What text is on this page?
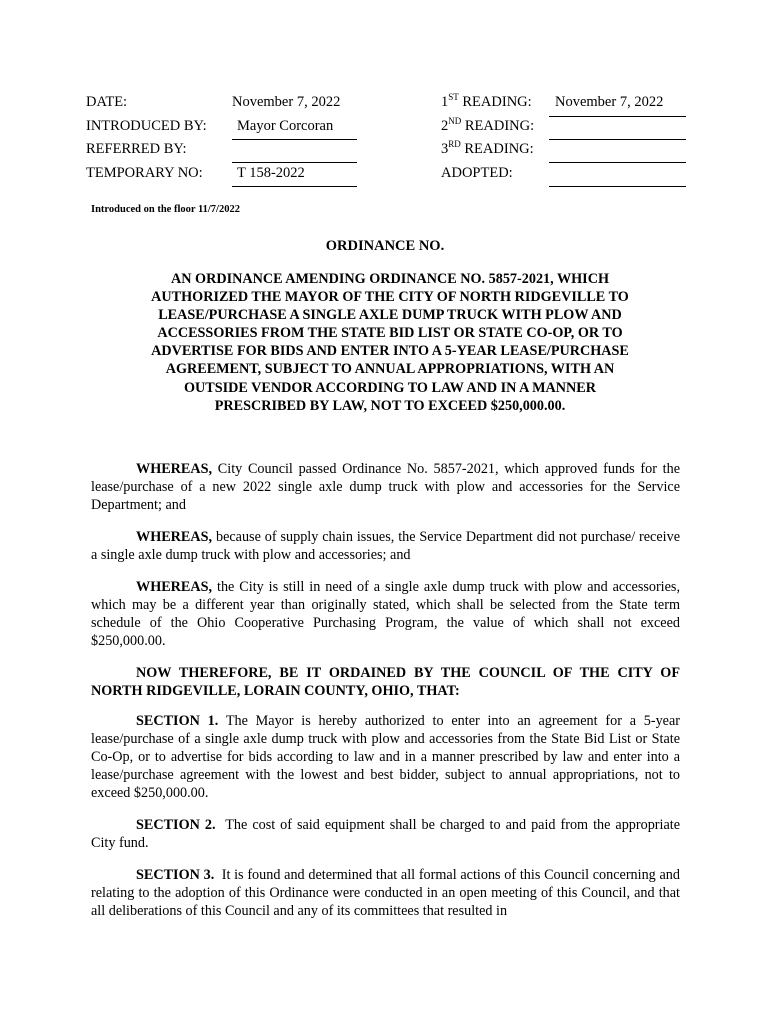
DATE:	November 7, 2022
INTRODUCED BY: Mayor Corcoran
REFERRED BY:
TEMPORARY NO: T 158-2022
1ST READING: November 7, 2022
2ND READING:
3RD READING:
ADOPTED:
Introduced on the floor 11/7/2022
ORDINANCE NO.
AN ORDINANCE AMENDING ORDINANCE NO. 5857-2021, WHICH AUTHORIZED THE MAYOR OF THE CITY OF NORTH RIDGEVILLE TO LEASE/PURCHASE A SINGLE AXLE DUMP TRUCK WITH PLOW AND ACCESSORIES FROM THE STATE BID LIST OR STATE CO-OP, OR TO ADVERTISE FOR BIDS AND ENTER INTO A 5-YEAR LEASE/PURCHASE AGREEMENT, SUBJECT TO ANNUAL APPROPRIATIONS, WITH AN OUTSIDE VENDOR ACCORDING TO LAW AND IN A MANNER PRESCRIBED BY LAW, NOT TO EXCEED $250,000.00.

WHEREAS, City Council passed Ordinance No. 5857-2021, which approved funds for the lease/purchase of a new 2022 single axle dump truck with plow and accessories for the Service Department; and

WHEREAS, because of supply chain issues, the Service Department did not purchase/ receive a single axle dump truck with plow and accessories; and

WHEREAS, the City is still in need of a single axle dump truck with plow and accessories, which may be a different year than originally stated, which shall be selected from the State term schedule of the Ohio Cooperative Purchasing Program, the value of which shall not exceed $250,000.00.

NOW THEREFORE, BE IT ORDAINED BY THE COUNCIL OF THE CITY OF NORTH RIDGEVILLE, LORAIN COUNTY, OHIO, THAT:

SECTION 1. The Mayor is hereby authorized to enter into an agreement for a 5-year lease/purchase of a single axle dump truck with plow and accessories from the State Bid List or State Co-Op, or to advertise for bids according to law and in a manner prescribed by law and enter into a lease/purchase agreement with the lowest and best bidder, subject to annual appropriations, not to exceed $250,000.00.

SECTION 2.  The cost of said equipment shall be charged to and paid from the appropriate City fund.

SECTION 3.  It is found and determined that all formal actions of this Council concerning and relating to the adoption of this Ordinance were conducted in an open meeting of this Council, and that all deliberations of this Council and any of its committees that resulted in
